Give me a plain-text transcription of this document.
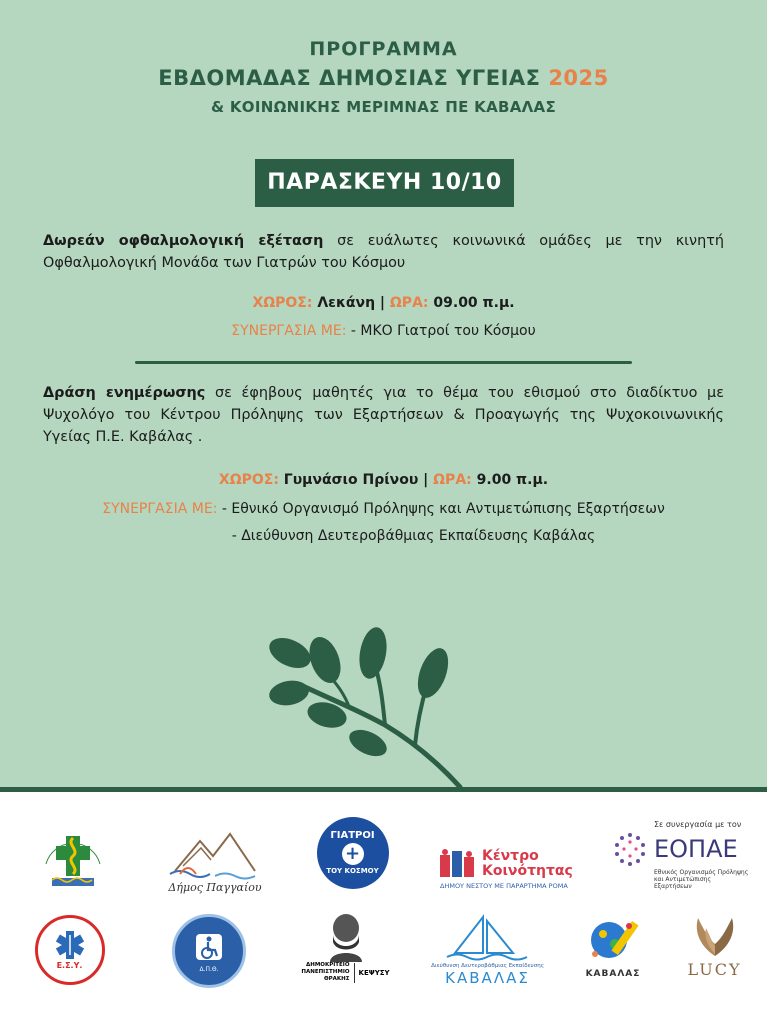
ΠΡΟΓΡΑΜΜΑ
ΕΒΔΟΜΑΔΑΣ ΔΗΜΟΣΙΑΣ ΥΓΕΙΑΣ 2025
& ΚΟΙΝΩΝΙΚΗΣ ΜΕΡΙΜΝΑΣ ΠΕ ΚΑΒΑΛΑΣ
ΠΑΡΑΣΚΕΥΗ 10/10
Δωρεάν οφθαλμολογική εξέταση σε ευάλωτες κοινωνικά ομάδες με την κινητή Οφθαλμολογική Μονάδα των Γιατρών του Κόσμου
ΧΩΡΟΣ: Λεκάνη | ΩΡΑ: 09.00 π.μ.
ΣΥΝΕΡΓΑΣΙΑ ΜΕ: - ΜΚΟ Γιατροί του Κόσμου
Δράση ενημέρωσης σε έφηβους μαθητές για το θέμα του εθισμού στο διαδίκτυο με Ψυχολόγο του Κέντρου Πρόληψης των Εξαρτήσεων & Προαγωγής της Ψυχοκοινωνικής Υγείας Π.Ε. Καβάλας .
ΧΩΡΟΣ: Γυμνάσιο Πρίνου | ΩΡΑ: 9.00 π.μ.
ΣΥΝΕΡΓΑΣΙΑ ΜΕ: - Εθνικό Οργανισμό Πρόληψης και Αντιμετώπισης Εξαρτήσεων
- Διεύθυνση Δευτεροβάθμιας Εκπαίδευσης Καβάλας
Δήμος Παγγαίου
ΓΙΑΤΡΟΙ
+
ΤΟΥ ΚΟΣΜΟΥ
Κέντρο
Κοινότητας
ΔΗΜΟΥ ΝΕΣΤΟΥ ΜΕ ΠΑΡΑΡΤΗΜΑ ΡΟΜΑ
Σε συνεργασία με τον
ΕΟΠΑΕ
Εθνικός Οργανισμός Πρόληψης
και Αντιμετώπισης Εξαρτήσεων
Ε.Σ.Υ.	Δ.Π.Θ.
ΔΗΜΟΚΡΙΤΕΙΟ
ΠΑΝΕΠΙΣΤΗΜΙΟ
ΘΡΑΚΗΣ
ΚΕΨΥΣΥ
Διεύθυνση Δευτεροβάθμιας Εκπαίδευσης
ΚΑΒΑΛΑΣ	ΚΑΒΑΛΑΣ	LUCY
